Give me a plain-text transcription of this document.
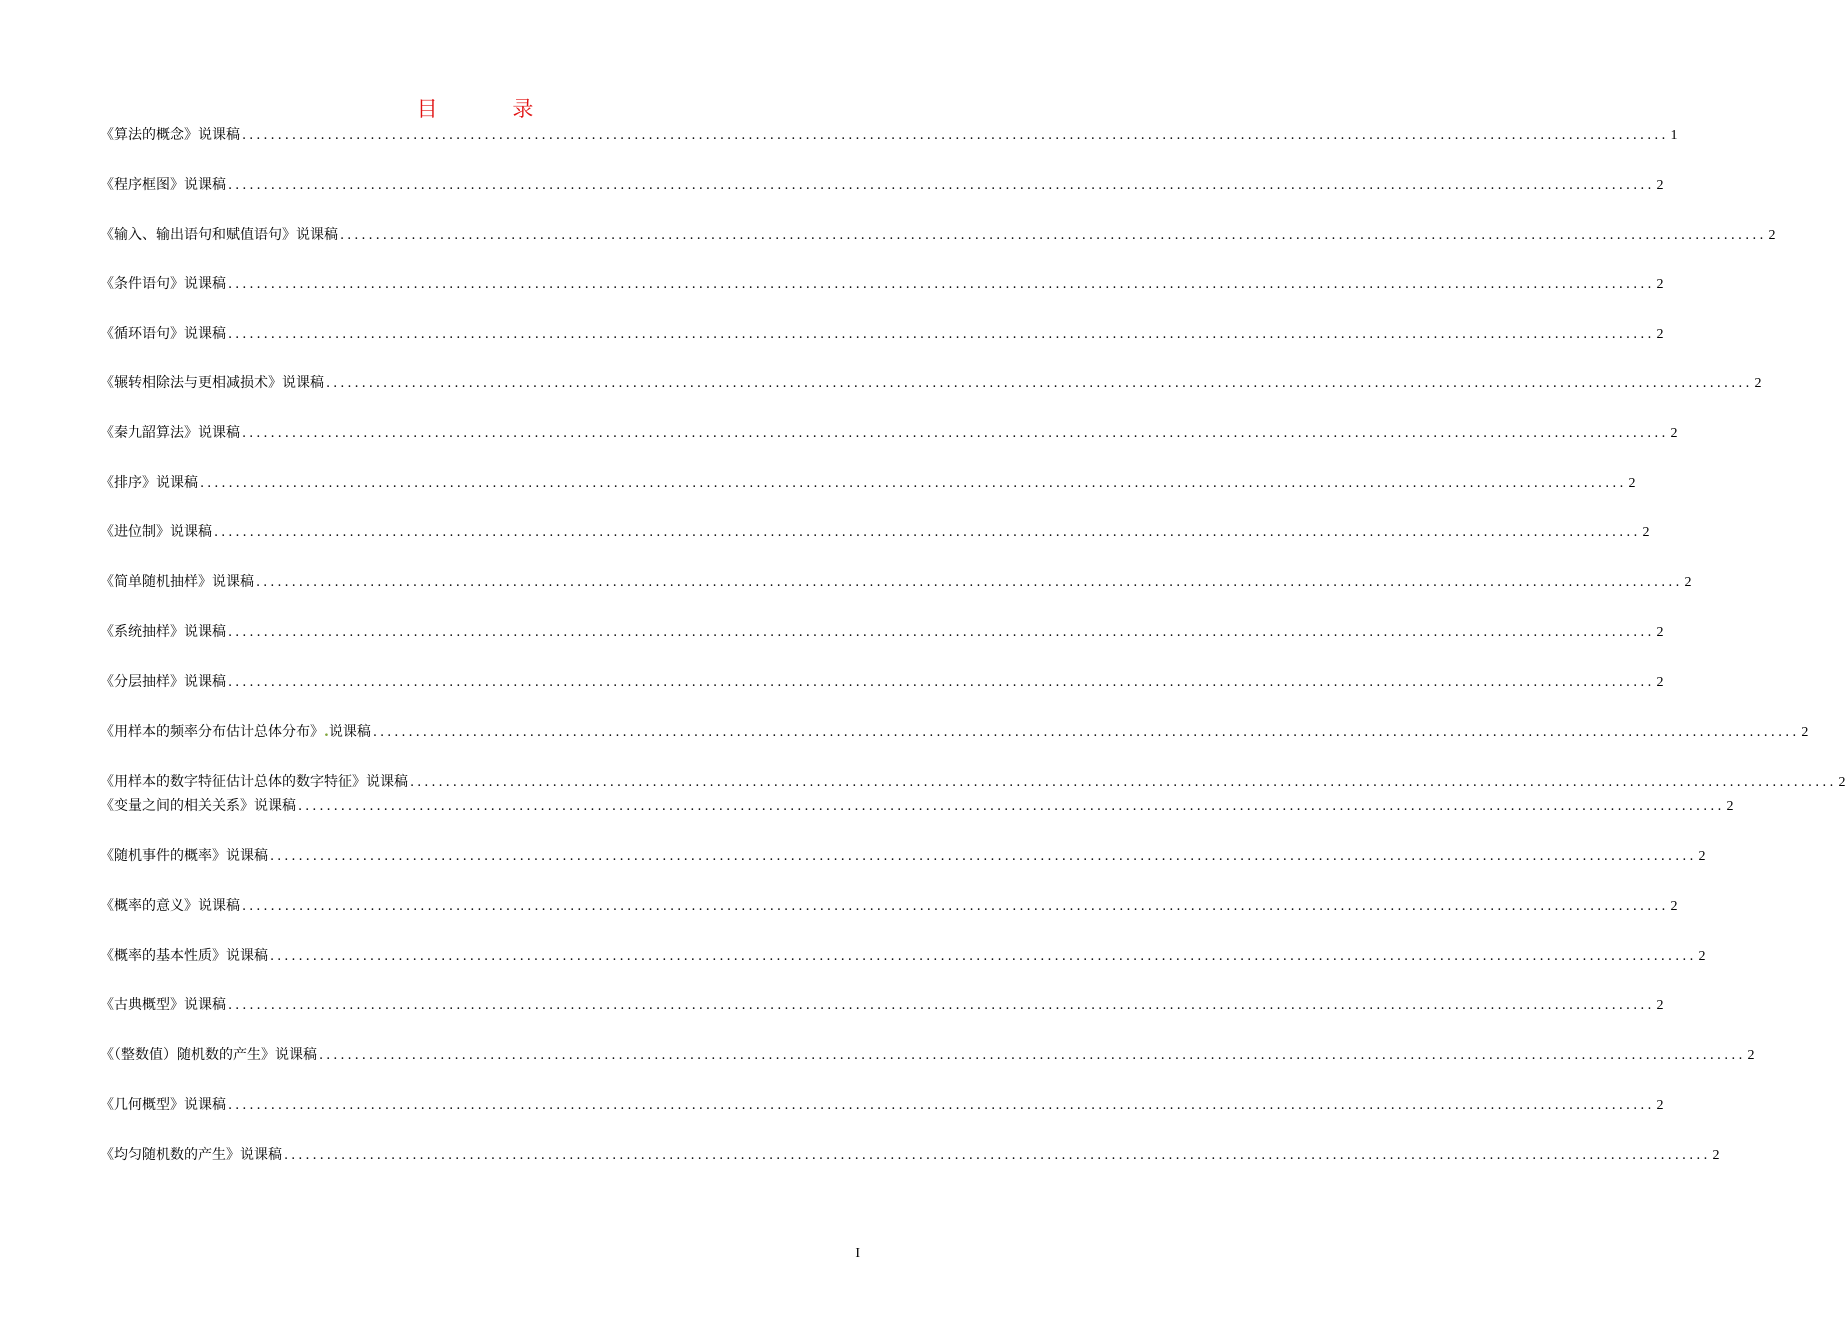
目 录
《算法的概念》说课稿 ........................................................................................................................................................................................................ 1
《程序框图》说课稿 ........................................................................................................................................................................................................ 2
《输入、输出语句和赋值语句》说课稿 ........................................................................................................................................................................................................ 2
《条件语句》说课稿 ........................................................................................................................................................................................................ 2
《循环语句》说课稿 ........................................................................................................................................................................................................ 2
《辗转相除法与更相减损术》说课稿 ........................................................................................................................................................................................................ 2
《秦九韶算法》说课稿 ........................................................................................................................................................................................................ 2
《排序》说课稿 ........................................................................................................................................................................................................ 2
《进位制》说课稿 ........................................................................................................................................................................................................ 2
《简单随机抽样》说课稿 ........................................................................................................................................................................................................ 2
《系统抽样》说课稿 ........................................................................................................................................................................................................ 2
《分层抽样》说课稿 ........................................................................................................................................................................................................ 2
《用样本的频率分布估计总体分布》.说课稿 ........................................................................................................................................................................................................ 2
《用样本的数字特征估计总体的数字特征》说课稿 ........................................................................................................................................................................................................ 2
《变量之间的相关关系》说课稿 ........................................................................................................................................................................................................ 2
《随机事件的概率》说课稿 ........................................................................................................................................................................................................ 2
《概率的意义》说课稿 ........................................................................................................................................................................................................ 2
《概率的基本性质》说课稿 ........................................................................................................................................................................................................ 2
《古典概型》说课稿 ........................................................................................................................................................................................................ 2
《（整数值）随机数的产生》说课稿 ........................................................................................................................................................................................................ 2
《几何概型》说课稿 ........................................................................................................................................................................................................ 2
《均匀随机数的产生》说课稿 ........................................................................................................................................................................................................ 2
I
